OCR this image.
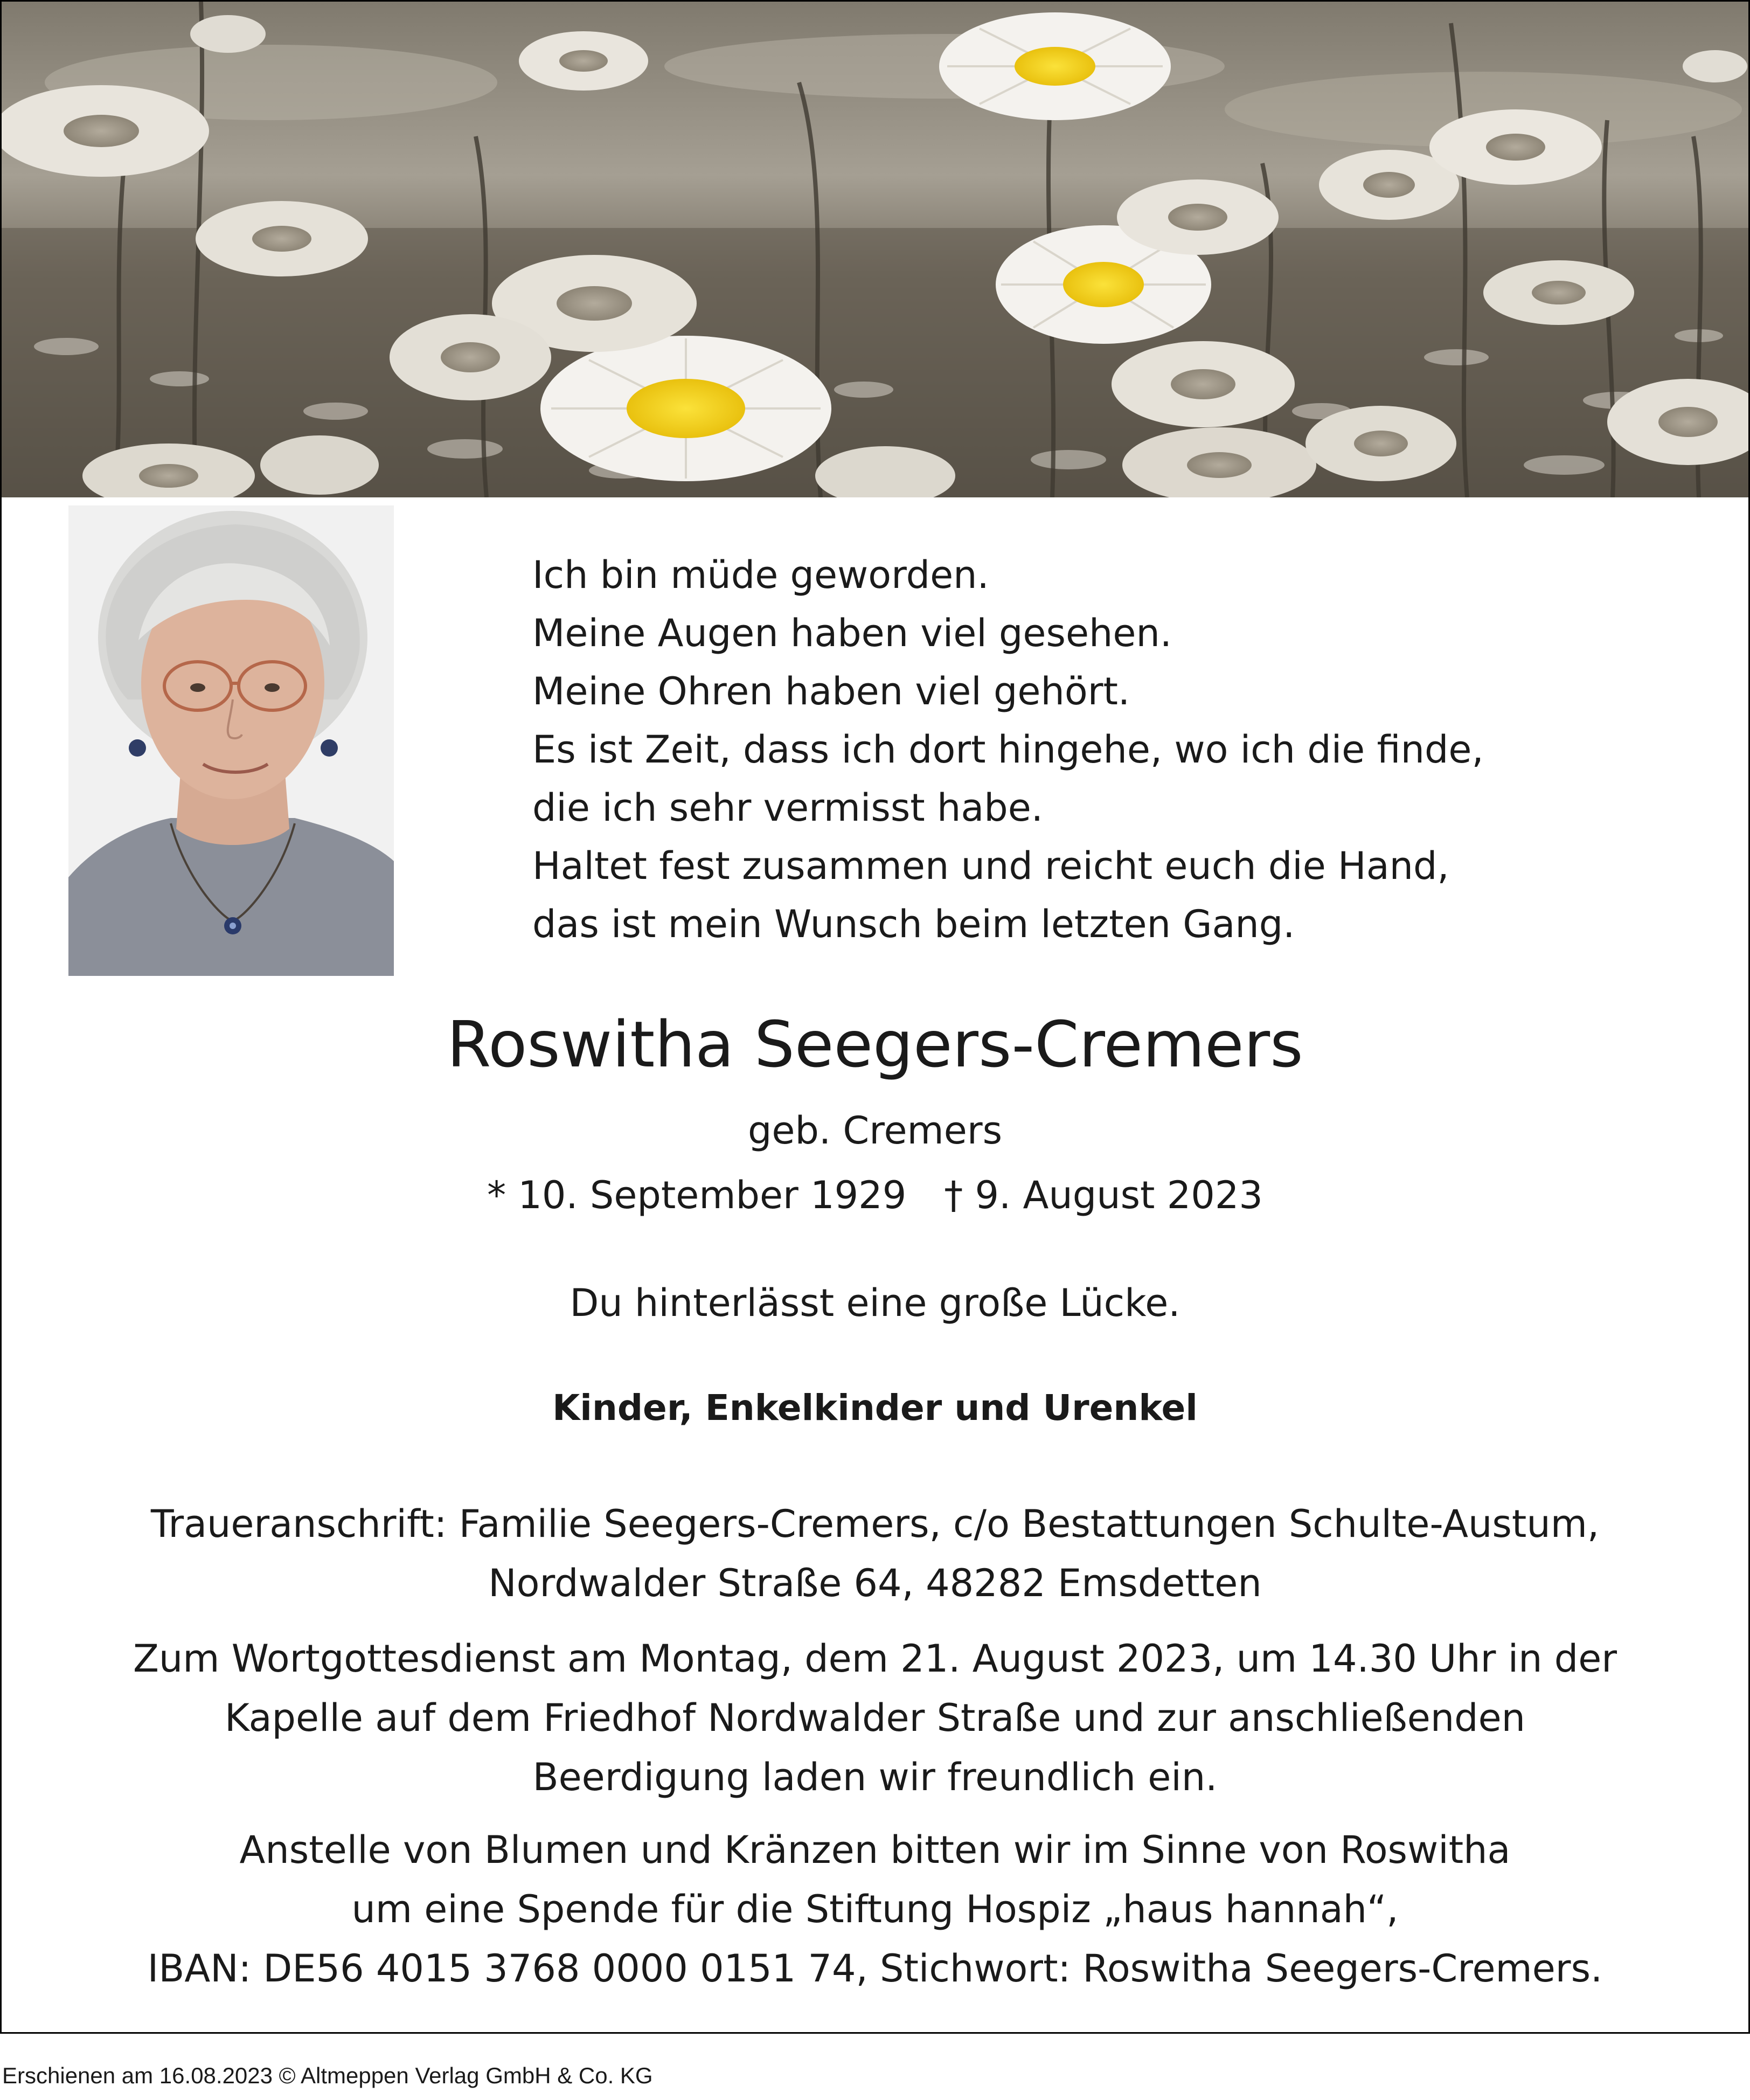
Ich bin müde geworden.
Meine Augen haben viel gesehen.
Meine Ohren haben viel gehört.
Es ist Zeit, dass ich dort hingehe, wo ich die finde,
die ich sehr vermisst habe.
Haltet fest zusammen und reicht euch die Hand,
das ist mein Wunsch beim letzten Gang.
Roswitha Seegers-Cremers
geb. Cremers
* 10. September 1929 † 9. August 2023
Du hinterlässt eine große Lücke.
Kinder, Enkelkinder und Urenkel
Traueranschrift: Familie Seegers-Cremers, c/o Bestattungen Schulte-Austum,
Nordwalder Straße 64, 48282 Emsdetten
Zum Wortgottesdienst am Montag, dem 21. August 2023, um 14.30 Uhr in der
Kapelle auf dem Friedhof Nordwalder Straße und zur anschließenden
Beerdigung laden wir freundlich ein.
Anstelle von Blumen und Kränzen bitten wir im Sinne von Roswitha
um eine Spende für die Stiftung Hospiz „haus hannah“,
IBAN: DE56 4015 3768 0000 0151 74, Stichwort: Roswitha Seegers-Cremers.
Erschienen am 16.08.2023 © Altmeppen Verlag GmbH & Co. KG
